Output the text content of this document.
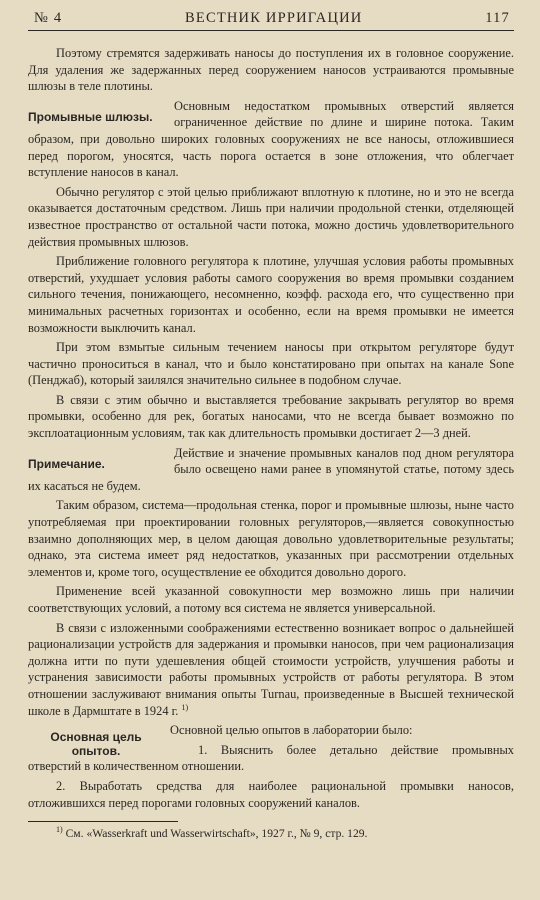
№ 4	ВЕСТНИК ИРРИГАЦИИ	117

Поэтому стремятся задерживать наносы до поступления их в головное сооружение. Для удаления же задержанных перед сооружением наносов устраиваются промывные шлюзы в теле плотины.

Промывные шлюзы.

Основным недостатком промывных отверстий является ограниченное действие по длине и ширине потока. Таким образом, при довольно широких головных сооружениях не все наносы, отложившиеся перед порогом, уносятся, часть порога остается в зоне отложения, что облегчает вступление наносов в канал.

Обычно регулятор с этой целью приближают вплотную к плотине, но и это не всегда оказывается достаточным средством. Лишь при наличии продольной стенки, отделяющей известное пространство от остальной части потока, можно достичь удовлетворительного действия промывных шлюзов.

Приближение головного регулятора к плотине, улучшая условия работы промывных отверстий, ухудшает условия работы самого сооружения во время промывки созданием сильного течения, понижающего, несомненно, коэфф. расхода его, что существенно при минимальных расчетных горизонтах и особенно, если на время промывки не имеется возможности выключить канал.

При этом взмытые сильным течением наносы при открытом регуляторе будут частично проноситься в канал, что и было констатировано при опытах на канале Sone (Пенджаб), который заилялся значительно сильнее в подобном случае.

В связи с этим обычно и выставляется требование закрывать регулятор во время промывки, особенно для рек, богатых наносами, что не всегда бывает возможно по эксплоатационным условиям, так как длительность промывки достигает 2—3 дней.

Примечание.

Действие и значение промывных каналов под дном регулятора было освещено нами ранее в упомянутой статье, потому здесь их касаться не будем.

Таким образом, система—продольная стенка, порог и промывные шлюзы, ныне часто употребляемая при проектировании головных регуляторов,—является совокупностью взаимно дополняющих мер, в целом дающая довольно удовлетворительные результаты; однако, эта система имеет ряд недостатков, указанных при рассмотрении отдельных элементов и, кроме того, осуществление ее обходится довольно дорого.

Применение всей указанной совокупности мер возможно лишь при наличии соответствующих условий, а потому вся система не является универсальной.

В связи с изложенными соображениями естественно возникает вопрос о дальнейшей рационализации устройств для задержания и промывки наносов, при чем рационализация должна итти по пути удешевления общей стоимости устройств, улучшения работы и устранения зависимости работы промывных устройств от работы регулятора. В этом отношении заслуживают внимания опыты Turnau, произведенные в Высшей технической школе в Дармштате в 1924 г. $^{1)}$

Основная цель опытов.

Основной целью опытов в лаборатории было:

1. Выяснить более детально действие промывных отверстий в количественном отношении.

2. Выработать средства для наиболее рациональной промывки наносов, отложившихся перед порогами головных сооружений каналов.

$^{1)}$ См. «Wasserkraft und Wasserwirtschaft», 1927 г., № 9, стр. 129.
